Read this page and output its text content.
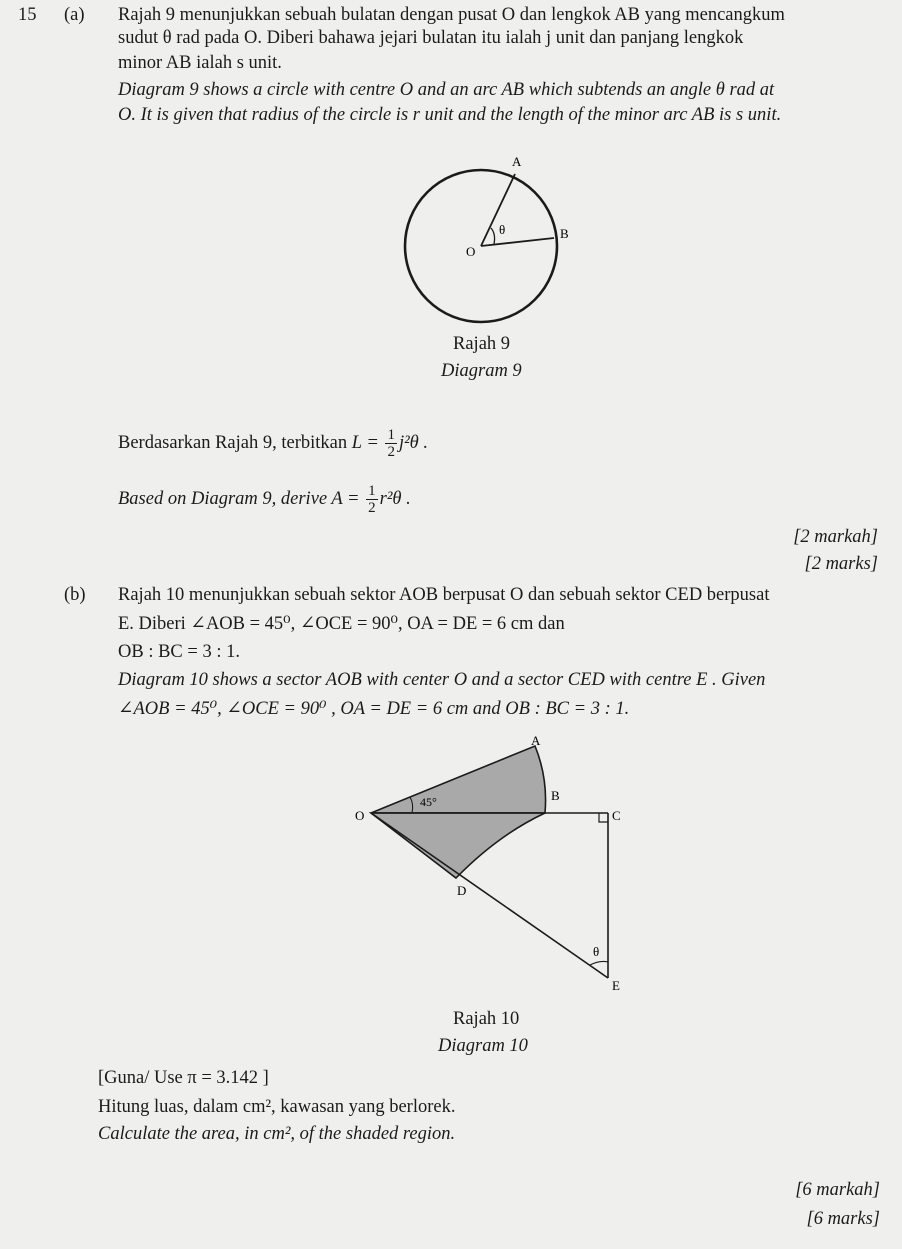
15 (a) Rajah 9 menunjukkan sebuah bulatan dengan pusat O dan lengkok AB yang mencangkum
sudut θ rad pada O. Diberi bahawa jejari bulatan itu ialah j unit dan panjang lengkok
minor AB ialah s unit.
Diagram 9 shows a circle with centre O and an arc AB which subtends an angle θ rad at
O. It is given that radius of the circle is r unit and the length of the minor arc AB is s unit.
A
B
O
θ
Rajah 9
Diagram 9
Berdasarkan Rajah 9, terbitkan $L = \frac{1}{2} j^2\theta$ .
Based on Diagram 9, derive $A = \frac{1}{2} r^2\theta$ .
[2 markah]
[2 marks]
(b) Rajah 10 menunjukkan sebuah sektor AOB berpusat O dan sebuah sektor CED berpusat
E. Diberi ∠AOB = 45⁰, ∠OCE = 90⁰, OA = DE = 6 cm dan
OB : BC = 3 : 1.
Diagram 10 shows a sector AOB with center O and a sector CED with centre E . Given
∠AOB = 45⁰, ∠OCE = 90⁰ , OA = DE = 6 cm and OB : BC = 3 : 1.
A
O
45°	B
C
D
θ
E
Rajah 10
Diagram 10
[Guna/ Use π = 3.142 ]
Hitung luas, dalam cm², kawasan yang berlorek.
Calculate the area, in cm², of the shaded region.
[6 markah]
[6 marks]
